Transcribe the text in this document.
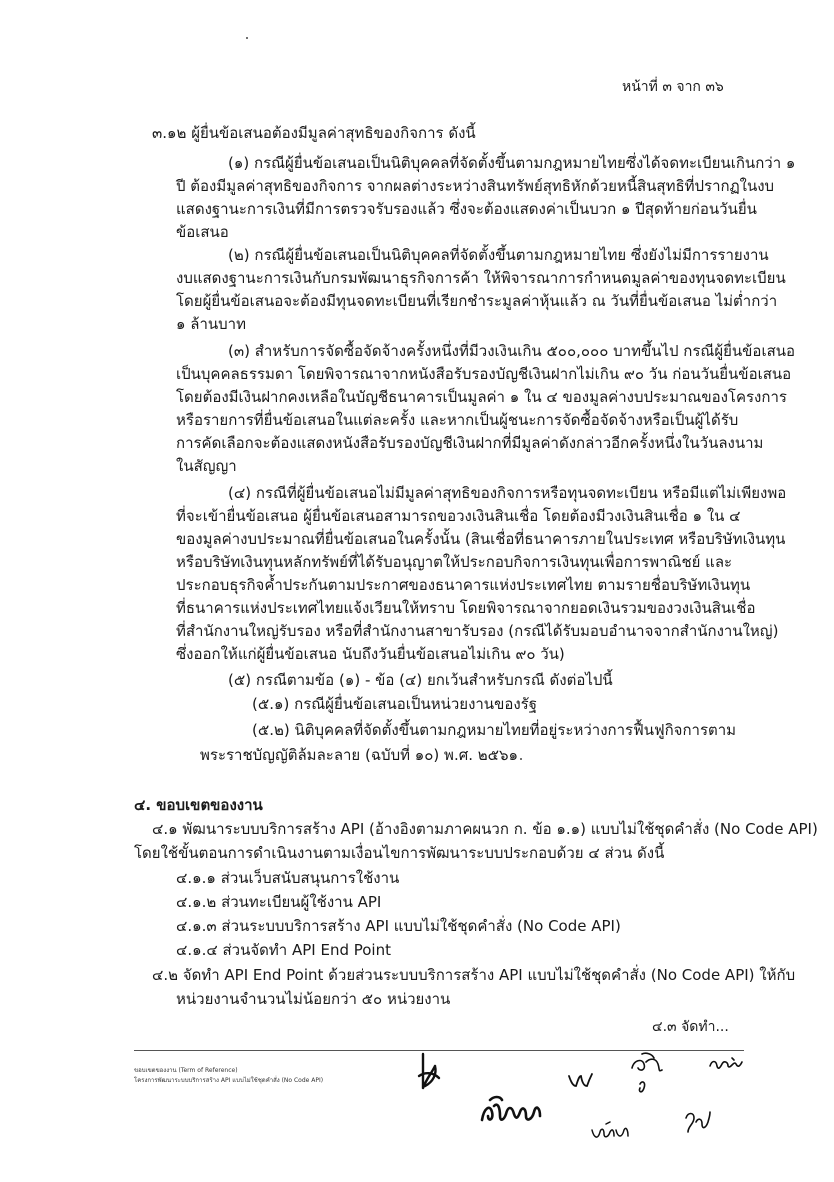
หน้าที่ ๓ จาก ๓๖
๓.๑๒ ผู้ยื่นข้อเสนอต้องมีมูลค่าสุทธิของกิจการ ดังนี้
(๑) กรณีผู้ยื่นข้อเสนอเป็นนิติบุคคลที่จัดตั้งขึ้นตามกฎหมายไทยซึ่งได้จดทะเบียนเกินกว่า ๑
ปี ต้องมีมูลค่าสุทธิของกิจการ จากผลต่างระหว่างสินทรัพย์สุทธิหักด้วยหนี้สินสุทธิที่ปรากฏในงบ
แสดงฐานะการเงินที่มีการตรวจรับรองแล้ว ซึ่งจะต้องแสดงค่าเป็นบวก ๑ ปีสุดท้ายก่อนวันยื่น
ข้อเสนอ
(๒) กรณีผู้ยื่นข้อเสนอเป็นนิติบุคคลที่จัดตั้งขึ้นตามกฎหมายไทย ซึ่งยังไม่มีการรายงาน
งบแสดงฐานะการเงินกับกรมพัฒนาธุรกิจการค้า ให้พิจารณาการกำหนดมูลค่าของทุนจดทะเบียน
โดยผู้ยื่นข้อเสนอจะต้องมีทุนจดทะเบียนที่เรียกชำระมูลค่าหุ้นแล้ว ณ วันที่ยื่นข้อเสนอ ไม่ต่ำกว่า
๑ ล้านบาท
(๓) สำหรับการจัดซื้อจัดจ้างครั้งหนึ่งที่มีวงเงินเกิน ๕๐๐,๐๐๐ บาทขึ้นไป กรณีผู้ยื่นข้อเสนอ
เป็นบุคคลธรรมดา โดยพิจารณาจากหนังสือรับรองบัญชีเงินฝากไม่เกิน ๙๐ วัน ก่อนวันยื่นข้อเสนอ
โดยต้องมีเงินฝากคงเหลือในบัญชีธนาคารเป็นมูลค่า ๑ ใน ๔ ของมูลค่างบประมาณของโครงการ
หรือรายการที่ยื่นข้อเสนอในแต่ละครั้ง และหากเป็นผู้ชนะการจัดซื้อจัดจ้างหรือเป็นผู้ได้รับ
การคัดเลือกจะต้องแสดงหนังสือรับรองบัญชีเงินฝากที่มีมูลค่าดังกล่าวอีกครั้งหนึ่งในวันลงนาม
ในสัญญา
(๔) กรณีที่ผู้ยื่นข้อเสนอไม่มีมูลค่าสุทธิของกิจการหรือทุนจดทะเบียน หรือมีแต่ไม่เพียงพอ
ที่จะเข้ายื่นข้อเสนอ ผู้ยื่นข้อเสนอสามารถขอวงเงินสินเชื่อ โดยต้องมีวงเงินสินเชื่อ ๑ ใน ๔
ของมูลค่างบประมาณที่ยื่นข้อเสนอในครั้งนั้น (สินเชื่อที่ธนาคารภายในประเทศ หรือบริษัทเงินทุน
หรือบริษัทเงินทุนหลักทรัพย์ที่ได้รับอนุญาตให้ประกอบกิจการเงินทุนเพื่อการพาณิชย์ และ
ประกอบธุรกิจค้ำประกันตามประกาศของธนาคารแห่งประเทศไทย ตามรายชื่อบริษัทเงินทุน
ที่ธนาคารแห่งประเทศไทยแจ้งเวียนให้ทราบ โดยพิจารณาจากยอดเงินรวมของวงเงินสินเชื่อ
ที่สำนักงานใหญ่รับรอง หรือที่สำนักงานสาขารับรอง (กรณีได้รับมอบอำนาจจากสำนักงานใหญ่)
ซึ่งออกให้แก่ผู้ยื่นข้อเสนอ นับถึงวันยื่นข้อเสนอไม่เกิน ๙๐ วัน)
(๕) กรณีตามข้อ (๑) - ข้อ (๔) ยกเว้นสำหรับกรณี ดังต่อไปนี้
(๕.๑) กรณีผู้ยื่นข้อเสนอเป็นหน่วยงานของรัฐ
(๕.๒) นิติบุคคลที่จัดตั้งขึ้นตามกฎหมายไทยที่อยู่ระหว่างการฟื้นฟูกิจการตาม
พระราชบัญญัติล้มละลาย (ฉบับที่ ๑๐) พ.ศ. ๒๕๖๑
๔. ขอบเขตของงาน
๔.๑ พัฒนาระบบบริการสร้าง API (อ้างอิงตามภาคผนวก ก. ข้อ ๑.๑) แบบไม่ใช้ชุดคำสั่ง (No Code API)
โดยใช้ขั้นตอนการดำเนินงานตามเงื่อนไขการพัฒนาระบบประกอบด้วย ๔ ส่วน ดังนี้
๔.๑.๑ ส่วนเว็บสนับสนุนการใช้งาน
๔.๑.๒ ส่วนทะเบียนผู้ใช้งาน API
๔.๑.๓ ส่วนระบบบริการสร้าง API แบบไม่ใช้ชุดคำสั่ง (No Code API)
๔.๑.๔ ส่วนจัดทำ API End Point
๔.๒ จัดทำ API End Point ด้วยส่วนระบบบริการสร้าง API แบบไม่ใช้ชุดคำสั่ง (No Code API) ให้กับ
หน่วยงานจำนวนไม่น้อยกว่า ๕๐ หน่วยงาน
๔.๓ จัดทำ...
ขอบเขตของงาน (Term of Reference)
โครงการพัฒนาระบบบริการสร้าง API แบบไม่ใช้ชุดคำสั่ง (No Code API)
